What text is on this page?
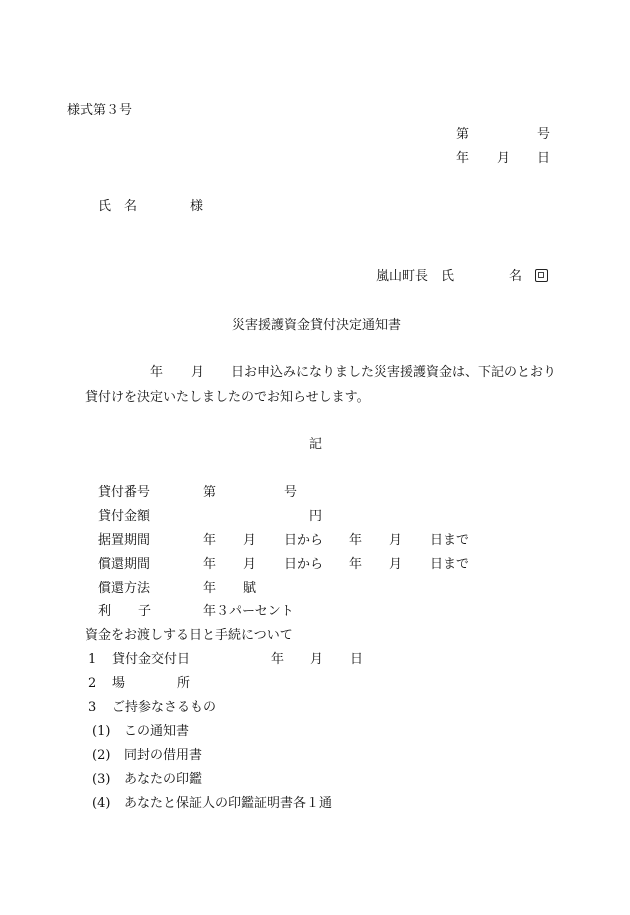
様式第３号
第	号
年 月 日
氏 名	様
嵐山町長 氏	名
災害援護資金貸付決定通知書
年 月 日お申込みになりました災害援護資金は、下記のとおり
貸付けを決定いたしましたのでお知らせします。
記
貸付番号	第	号
貸付金額	円
据置期間	年 月 日から 年 月 日まで
償還期間	年 月 日から 年 月 日まで
償還方法	年 賦
利 子	年３パーセント
資金をお渡しする日と手続について
1 貸付金交付日	年 月 日
2 場	所
3 ご持参なさるもの
(1) この通知書
(2) 同封の借用書
(3) あなたの印鑑
(4) あなたと保証人の印鑑証明書各１通
